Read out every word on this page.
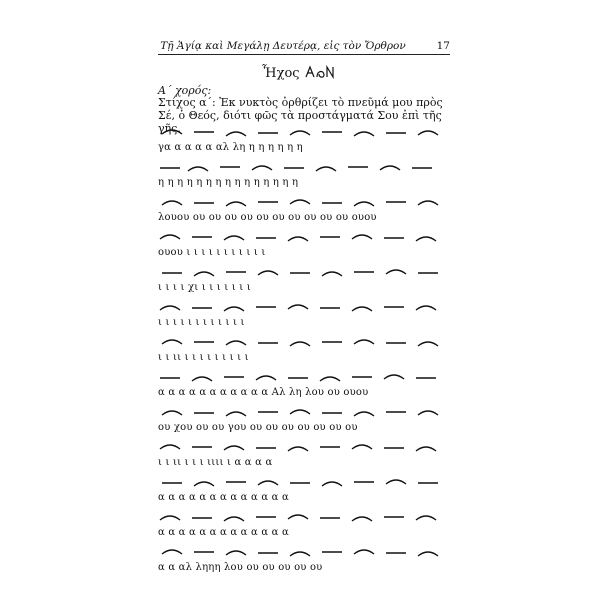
Τῇ Ἁγίᾳ καὶ Μεγάλῃ Δευτέρᾳ, εἰς τὸν Ὄρθρον	17
Ἦχος
Α΄ χορός:
Στίχος α΄: Ἐκ νυκτὸς ὀρθρίζει τὸ πνεῦμά μου πρὸς Σέ, ὁ Θεός, διότι φῶς τὰ προστάγματά Σου ἐπὶ τῆς γῆς.
γα α α α α αλ λη η η η η η η
η η η η η η η η η η η η η η η
λουου ου ου ου ου ου ου ου ου ου ου ουου
ουου ι ι ι ι ι ι ι ι ι ι ι
ι ι ι ι χι ι ι ι ι ι ι ι
ι ι ι ι ι ι ι ι ι ι ι ι
ι ι ιι ι ι ι ι ι ι ι ι ι
α α α α α α α α α α α Αλ λη λου ου ουου
ου χου ου ου γου ου ου ου ου ου ου ου
ι ι ιι ι ι ι ιιιι ι α α α α
α α α α α α α α α α α α α
α α α α α α α α α α α α α
α α αλ ληηη λου ου ου ου ου ου
